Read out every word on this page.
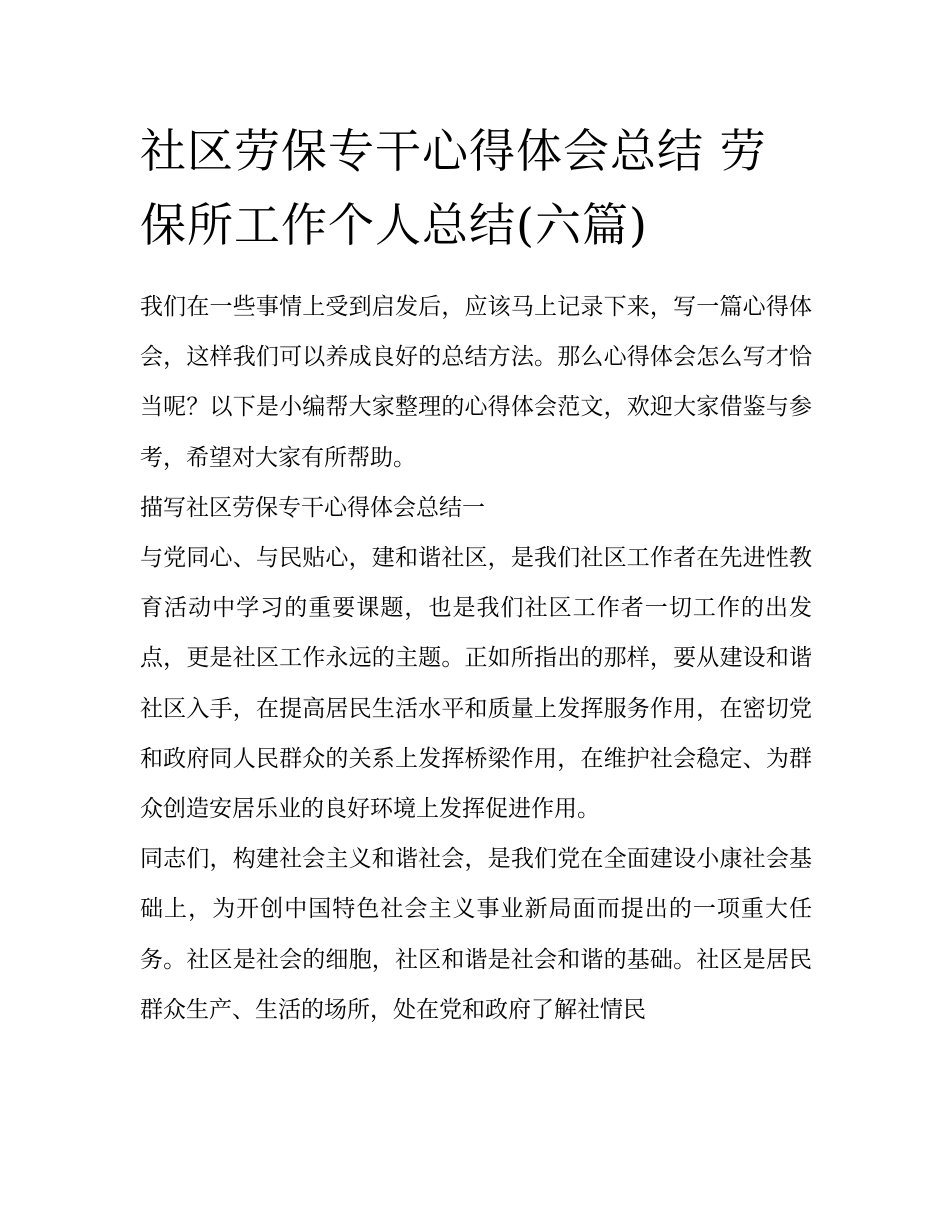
社区劳保专干心得体会总结 劳保所工作个人总结(六篇)

我们在一些事情上受到启发后，应该马上记录下来，写一篇心得体会，这样我们可以养成良好的总结方法。那么心得体会怎么写才恰当呢？以下是小编帮大家整理的心得体会范文，欢迎大家借鉴与参考，希望对大家有所帮助。

描写社区劳保专干心得体会总结一

与党同心、与民贴心，建和谐社区，是我们社区工作者在先进性教育活动中学习的重要课题，也是我们社区工作者一切工作的出发点，更是社区工作永远的主题。正如所指出的那样，要从建设和谐社区入手，在提高居民生活水平和质量上发挥服务作用，在密切党和政府同人民群众的关系上发挥桥梁作用，在维护社会稳定、为群众创造安居乐业的良好环境上发挥促进作用。

同志们，构建社会主义和谐社会，是我们党在全面建设小康社会基础上，为开创中国特色社会主义事业新局面而提出的一项重大任务。社区是社会的细胞，社区和谐是社会和谐的基础。社区是居民群众生产、生活的场所，处在党和政府了解社情民
